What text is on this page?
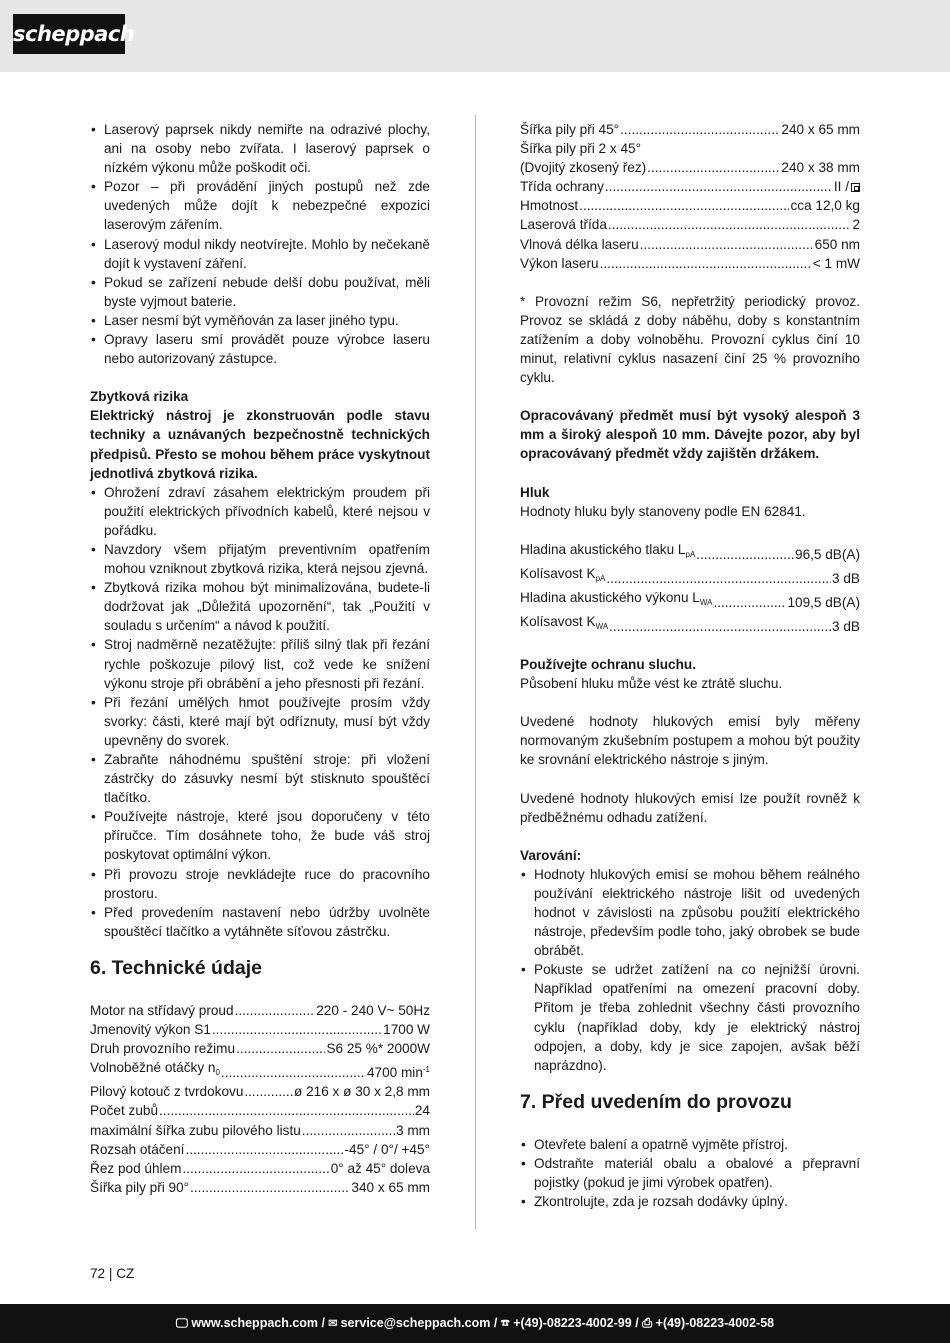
scheppach
• Laserový paprsek nikdy nemiřte na odrazivé plochy, ani na osoby nebo zvířata. I laserový paprsek o nízkém výkonu může poškodit oči.
• Pozor – při provádění jiných postupů než zde uvedených může dojít k nebezpečné expozici laserovým zářením.
• Laserový modul nikdy neotvírejte. Mohlo by nečekaně dojít k vystavení záření.
• Pokud se zařízení nebude delší dobu používat, měli byste vyjmout baterie.
• Laser nesmí být vyměňován za laser jiného typu.
• Opravy laseru smí provádět pouze výrobce laseru nebo autorizovaný zástupce.

Zbytková rizika

Elektrický nástroj je zkonstruován podle stavu techniky a uznávaných bezpečnostně technických předpisů. Přesto se mohou během práce vyskytnout jednotlivá zbytková rizika.

• Ohrožení zdraví zásahem elektrickým proudem při použití elektrických přívodních kabelů, které nejsou v pořádku.
• Navzdory všem přijatým preventivním opatřením mohou vzniknout zbytková rizika, která nejsou zjevná.
• Zbytková rizika mohou být minimalizována, budete-li dodržovat jak „Důležitá upozornění“, tak „Použití v souladu s určením“ a návod k použití.
• Stroj nadměrně nezatěžujte: příliš silný tlak při řezání rychle poškozuje pilový list, což vede ke snížení výkonu stroje při obrábění a jeho přesnosti při řezání.
• Při řezání umělých hmot používejte prosím vždy svorky: části, které mají být odříznuty, musí být vždy upevněny do svorek.
• Zabraňte náhodnému spuštění stroje: při vložení zástrčky do zásuvky nesmí být stisknuto spouštěcí tlačítko.
• Používejte nástroje, které jsou doporučeny v této příručce. Tím dosáhnete toho, že bude váš stroj poskytovat optimální výkon.
• Při provozu stroje nevkládejte ruce do pracovního prostoru.
• Před provedením nastavení nebo údržby uvolněte spouštěcí tlačítko a vytáhněte síťovou zástrčku.
6. Technické údaje
Motor na střídavý proud .....	220 - 240 V~ 50Hz
Jmenovitý výkon S1 .....	1700 W
Druh provozního režimu .....	S6 25 %* 2000W
Volnoběžné otáčky $n_0$ .....	4700 $\min^{-1}$
Pilový kotouč z tvrdokovu .....	ø 216 x ø 30 x 2,8 mm
Počet zubů .....	24
maximální šířka zubu pilového listu .....	3 mm
Rozsah otáčení .....	-45° / 0°/ +45°
Řez pod úhlem .....	0° až 45° doleva
Šířka pily při 90° .....	340 x 65 mm
Šířka pily při 45° .....	240 x 65 mm

Šířka pily při 2 x 45°

(Dvojitý zkosený řez) .....	240 x 38 mm
Třída ochrany .....	II /
Hmotnost .....	cca 12,0 kg
Laserová třída .....	2
Vlnová délka laseru .....	650 nm
Výkon laseru .....	< 1 mW

* Provozní režim S6, nepřetržitý periodický provoz. Provoz se skládá z doby náběhu, doby s konstantním zatížením a doby volnoběhu. Provozní cyklus činí 10 minut, relativní cyklus nasazení činí 25 % provozního cyklu.

Opracovávaný předmět musí být vysoký alespoň 3 mm a široký alespoň 10 mm. Dávejte pozor, aby byl opracovávaný předmět vždy zajištěn držákem.

Hluk

Hodnoty hluku byly stanoveny podle EN 62841.

Hladina akustického tlaku $L_{pA}$ .....	96,5 dB(A)
Kolísavost $K_{pA}$ .....	3 dB
Hladina akustického výkonu $L_{WA}$ .....	109,5 dB(A)
Kolísavost $K_{WA}$ .....	3 dB

Používejte ochranu sluchu.

Působení hluku může vést ke ztrátě sluchu.

Uvedené hodnoty hlukových emisí byly měřeny normovaným zkušebním postupem a mohou být použity ke srovnání elektrického nástroje s jiným.

Uvedené hodnoty hlukových emisí lze použít rovněž k předběžnému odhadu zatížení.

Varování:

• Hodnoty hlukových emisí se mohou během reálného používání elektrického nástroje lišit od uvedených hodnot v závislosti na způsobu použití elektrického nástroje, především podle toho, jaký obrobek se bude obrábět.
• Pokuste se udržet zatížení na co nejnižší úrovni. Například opatřeními na omezení pracovní doby. Přitom je třeba zohlednit všechny části provozního cyklu (například doby, kdy je elektrický nástroj odpojen, a doby, kdy je sice zapojen, avšak běží naprázdno).
7. Před uvedením do provozu
• Otevřete balení a opatrně vyjměte přístroj.
• Odstraňte materiál obalu a obalové a přepravní pojistky (pokud je jimi výrobek opatřen).
• Zkontrolujte, zda je rozsah dodávky úplný.
72 | CZ
🖵 www.scheppach.com / ✉ service@scheppach.com / ☎ +(49)-08223-4002-99 / ⎙ +(49)-08223-4002-58
